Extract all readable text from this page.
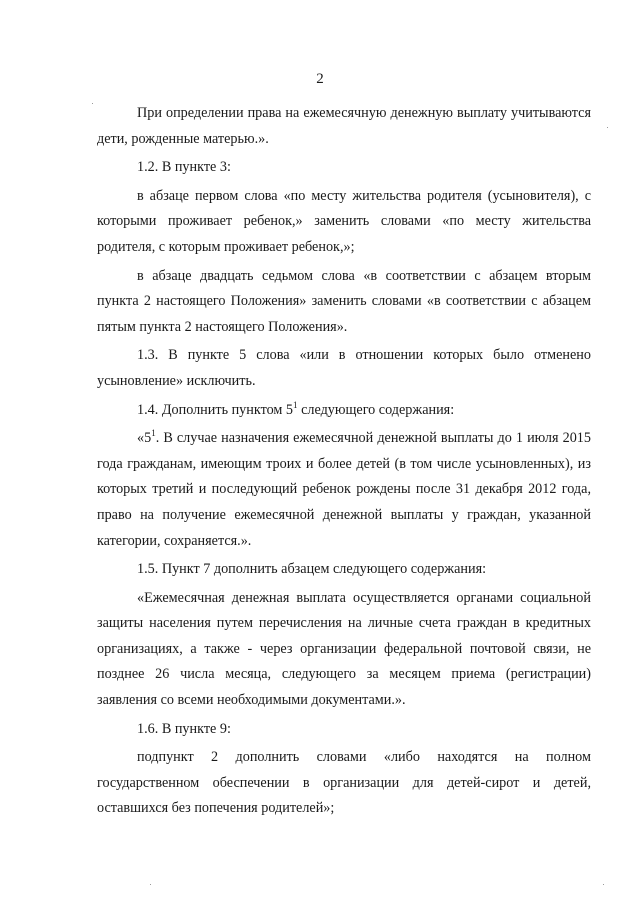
2

При определении права на ежемесячную денежную выплату учитываются дети, рожденные матерью.».

1.2. В пункте 3:

в абзаце первом слова «по месту жительства родителя (усыновителя), с которыми проживает ребенок,» заменить словами «по месту жительства родителя, с которым проживает ребенок,»;

в абзаце двадцать седьмом слова «в соответствии с абзацем вторым пункта 2 настоящего Положения» заменить словами «в соответствии с абзацем пятым пункта 2 настоящего Положения».

1.3. В пункте 5 слова «или в отношении которых было отменено усыновление» исключить.

1.4. Дополнить пунктом $5^1$ следующего содержания:

«$5^1$. В случае назначения ежемесячной денежной выплаты до 1 июля 2015 года гражданам, имеющим троих и более детей (в том числе усыновленных), из которых третий и последующий ребенок рождены после 31 декабря 2012 года, право на получение ежемесячной денежной выплаты у граждан, указанной категории, сохраняется.».

1.5. Пункт 7 дополнить абзацем следующего содержания:

«Ежемесячная денежная выплата осуществляется органами социальной защиты населения путем перечисления на личные счета граждан в кредитных организациях, а также - через организации федеральной почтовой связи, не позднее 26 числа месяца, следующего за месяцем приема (регистрации) заявления со всеми необходимыми документами.».

1.6. В пункте 9:

подпункт 2 дополнить словами «либо находятся на полном государственном обеспечении в организации для детей-сирот и детей, оставшихся без попечения родителей»;
